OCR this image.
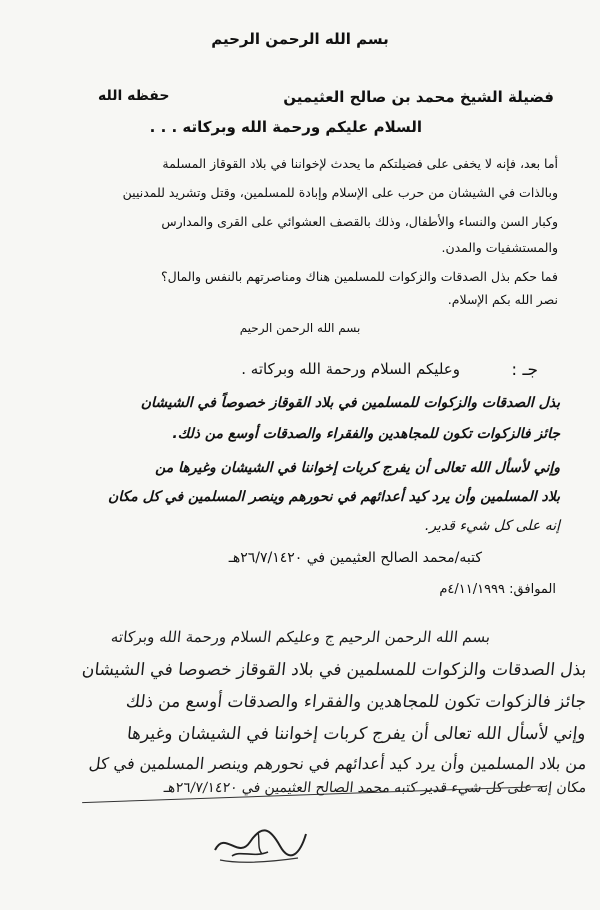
بسم الله الرحمن الرحيم
فضيلة الشيخ محمد بن صالح العثيمين
حفظه الله
السلام عليكم ورحمة الله وبركاته . . .
أما بعد، فإنه لا يخفى على فضيلتكم ما يحدث لإخواننا في بلاد القوقاز المسلمة
وبالذات في الشيشان من حرب على الإسلام وإبادة للمسلمين، وقتل وتشريد للمدنيين
وكبار السن والنساء والأطفال، وذلك بالقصف العشوائي على القرى والمدارس
والمستشفيات والمدن.
فما حكم بذل الصدقات والزكوات للمسلمين هناك ومناصرتهم بالنفس والمال؟
نصر الله بكم الإسلام.
بسم الله الرحمن الرحيم
جـ :
وعليكم السلام ورحمة الله وبركاته .
بذل الصدقات والزكوات للمسلمين في بلاد القوقاز خصوصاً في الشيشان
جائز فالزكوات تكون للمجاهدين والفقراء والصدقات أوسع من ذلك.
وإني لأسأل الله تعالى أن يفرج كربات إخواننا في الشيشان وغيرها من
بلاد المسلمين وأن يرد كيد أعدائهم في نحورهم وينصر المسلمين في كل مكان
إنه على كل شيء قدير.
كتبه/محمد الصالح العثيمين في ٢٦/٧/١٤٢٠هـ
الموافق: ٤/١١/١٩٩٩م
بسم الله الرحمن الرحيم ج وعليكم السلام ورحمة الله وبركاته
بذل الصدقات والزكوات للمسلمين في بلاد القوقاز خصوصا في الشيشان
جائز فالزكوات تكون للمجاهدين والفقراء والصدقات أوسع من ذلك
وإني لأسأل الله تعالى أن يفرج كربات إخواننا في الشيشان وغيرها
من بلاد المسلمين وأن يرد كيد أعدائهم في نحورهم وينصر المسلمين في كل
مكان إنه على كل شيء قدير كتبه محمد الصالح العثيمين في ٢٦/٧/١٤٢٠هـ
